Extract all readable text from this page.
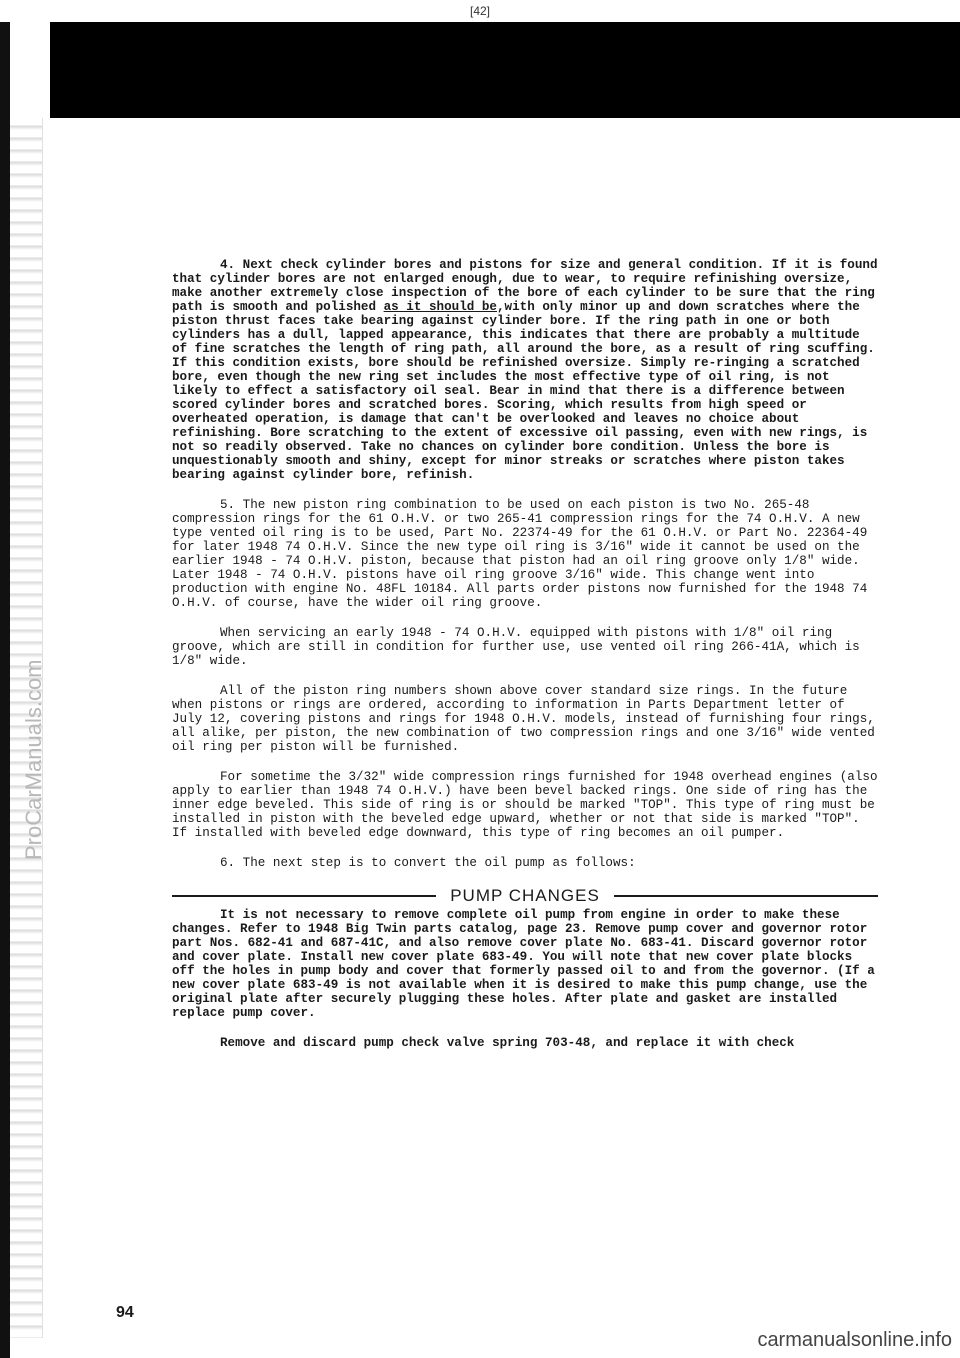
[42]
ProCarManuals.com

4. Next check cylinder bores and pistons for size and general condition. If it is found that cylinder bores are not enlarged enough, due to wear, to require refinishing oversize, make another extremely close inspection of the bore of each cylinder to be sure that the ring path is smooth and polished as it should be,with only minor up and down scratches where the piston thrust faces take bearing against cylinder bore. If the ring path in one or both cylinders has a dull, lapped appearance, this indicates that there are probably a multitude of fine scratches the length of ring path, all around the bore, as a result of ring scuffing. If this condition exists, bore should be refinished oversize. Simply re-ringing a scratched bore, even though the new ring set includes the most effective type of oil ring, is not likely to effect a satisfactory oil seal. Bear in mind that there is a difference between scored cylinder bores and scratched bores. Scoring, which results from high speed or overheated operation, is damage that can't be overlooked and leaves no choice about refinishing. Bore scratching to the extent of excessive oil passing, even with new rings, is not so readily observed. Take no chances on cylinder bore condition. Unless the bore is unquestionably smooth and shiny, except for minor streaks or scratches where piston takes bearing against cylinder bore, refinish.

5. The new piston ring combination to be used on each piston is two No. 265-48 compression rings for the 61 O.H.V. or two 265-41 compression rings for the 74 O.H.V. A new type vented oil ring is to be used, Part No. 22374-49 for the 61 O.H.V. or Part No. 22364-49 for later 1948 74 O.H.V. Since the new type oil ring is 3/16" wide it cannot be used on the earlier 1948 - 74 O.H.V. piston, because that piston had an oil ring groove only 1/8" wide. Later 1948 - 74 O.H.V. pistons have oil ring groove 3/16" wide. This change went into production with engine No. 48FL 10184. All parts order pistons now furnished for the 1948 74 O.H.V. of course, have the wider oil ring groove.

When servicing an early 1948 - 74 O.H.V. equipped with pistons with 1/8" oil ring groove, which are still in condition for further use, use vented oil ring 266-41A, which is 1/8" wide.

All of the piston ring numbers shown above cover standard size rings. In the future when pistons or rings are ordered, according to information in Parts Department letter of July 12, covering pistons and rings for 1948 O.H.V. models, instead of furnishing four rings, all alike, per piston, the new combination of two compression rings and one 3/16" wide vented oil ring per piston will be furnished.

For sometime the 3/32" wide compression rings furnished for 1948 overhead engines (also apply to earlier than 1948 74 O.H.V.) have been bevel backed rings. One side of ring has the inner edge beveled. This side of ring is or should be marked "TOP". This type of ring must be installed in piston with the beveled edge upward, whether or not that side is marked "TOP". If installed with beveled edge downward, this type of ring becomes an oil pumper.

6. The next step is to convert the oil pump as follows:

PUMP CHANGES

It is not necessary to remove complete oil pump from engine in order to make these changes. Refer to 1948 Big Twin parts catalog, page 23. Remove pump cover and governor rotor part Nos. 682-41 and 687-41C, and also remove cover plate No. 683-41. Discard governor rotor and cover plate. Install new cover plate 683-49. You will note that new cover plate blocks off the holes in pump body and cover that formerly passed oil to and from the governor. (If a new cover plate 683-49 is not available when it is desired to make this pump change, use the original plate after securely plugging these holes. After plate and gasket are installed replace pump cover.

Remove and discard pump check valve spring 703-48, and replace it with check

94
carmanualsonline.info
